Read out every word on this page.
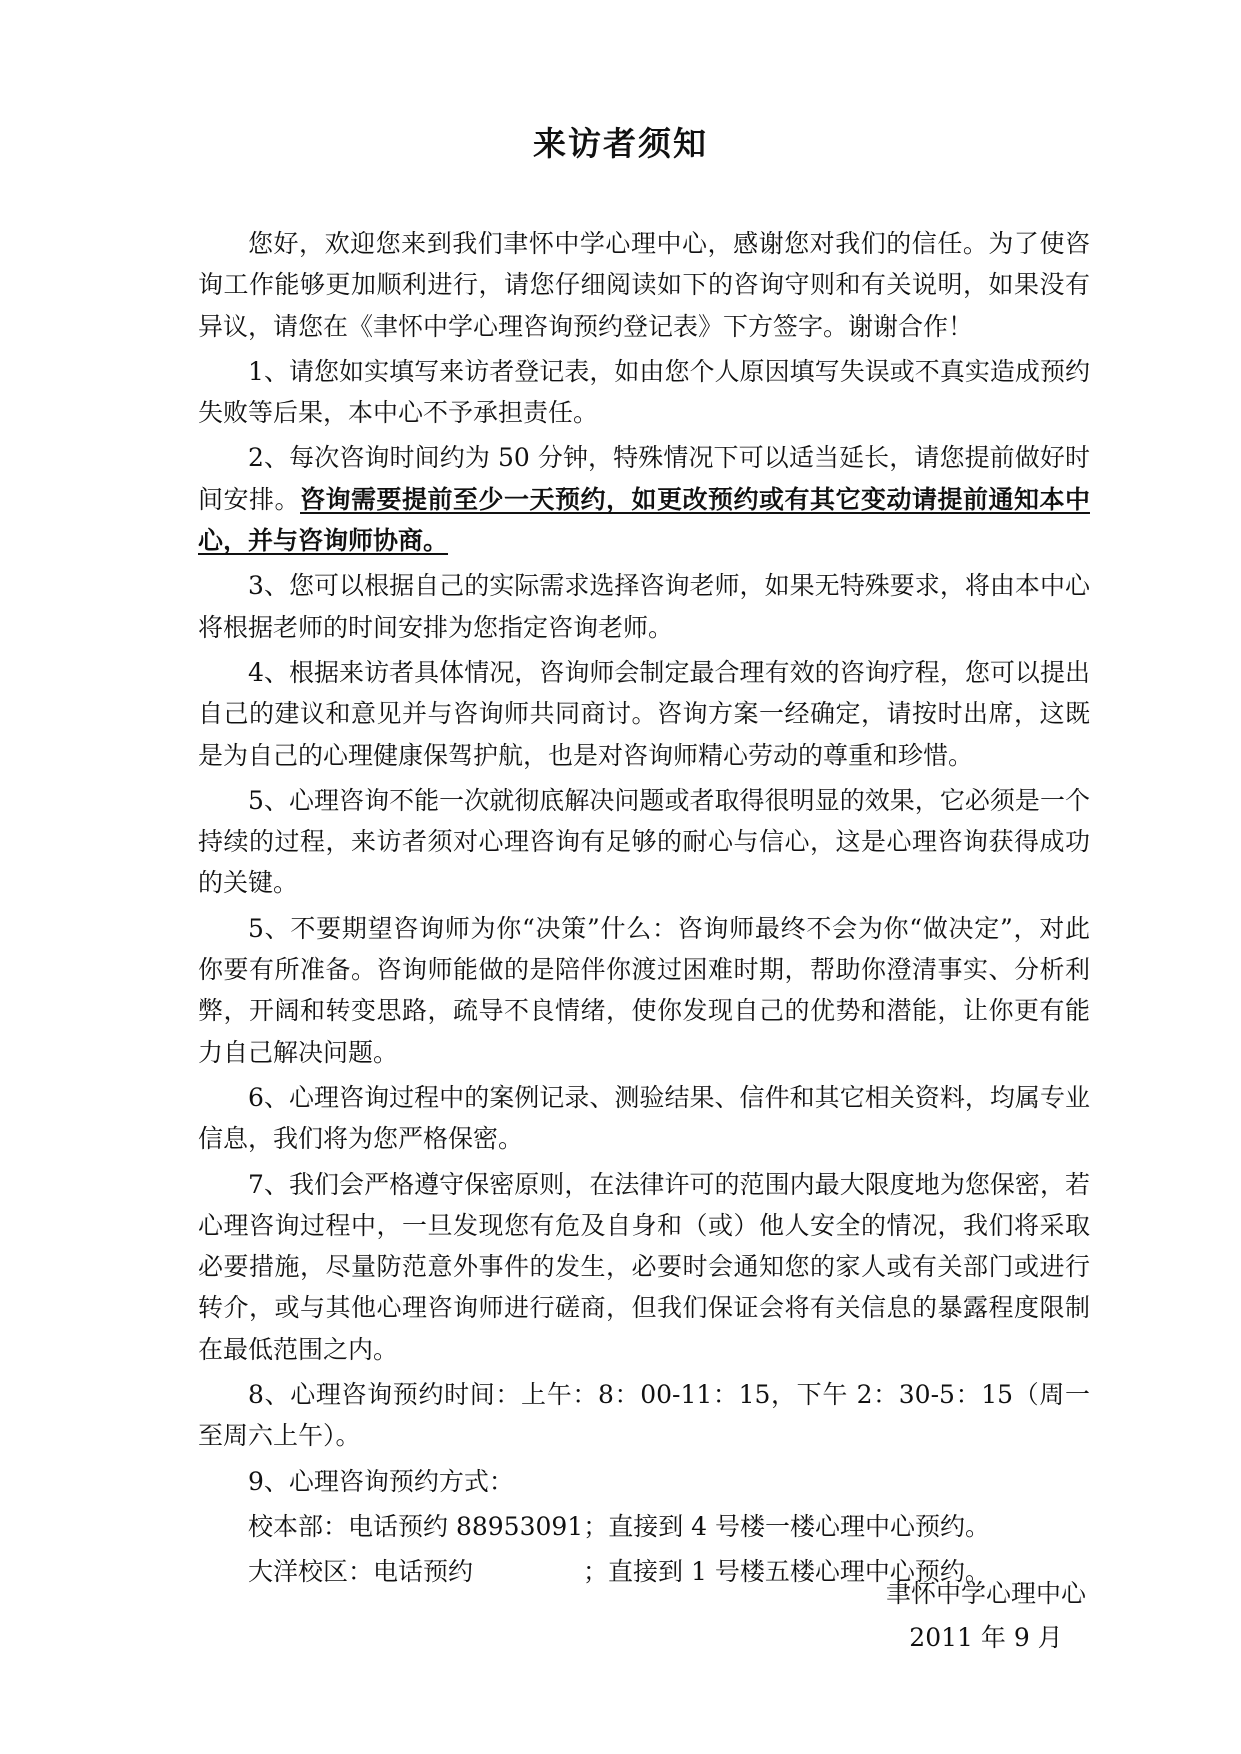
来访者须知

您好，欢迎您来到我们聿怀中学心理中心，感谢您对我们的信任。为了使咨询工作能够更加顺利进行，请您仔细阅读如下的咨询守则和有关说明，如果没有异议，请您在《聿怀中学心理咨询预约登记表》下方签字。谢谢合作！

1、请您如实填写来访者登记表，如由您个人原因填写失误或不真实造成预约失败等后果，本中心不予承担责任。

2、每次咨询时间约为 50 分钟，特殊情况下可以适当延长，请您提前做好时间安排。咨询需要提前至少一天预约，如更改预约或有其它变动请提前通知本中心，并与咨询师协商。

3、您可以根据自己的实际需求选择咨询老师，如果无特殊要求，将由本中心将根据老师的时间安排为您指定咨询老师。

4、根据来访者具体情况，咨询师会制定最合理有效的咨询疗程，您可以提出自己的建议和意见并与咨询师共同商讨。咨询方案一经确定，请按时出席，这既是为自己的心理健康保驾护航，也是对咨询师精心劳动的尊重和珍惜。

5、心理咨询不能一次就彻底解决问题或者取得很明显的效果，它必须是一个持续的过程，来访者须对心理咨询有足够的耐心与信心，这是心理咨询获得成功的关键。

5、不要期望咨询师为你“决策”什么：咨询师最终不会为你“做决定”，对此你要有所准备。咨询师能做的是陪伴你渡过困难时期，帮助你澄清事实、分析利弊，开阔和转变思路，疏导不良情绪，使你发现自己的优势和潜能，让你更有能力自己解决问题。

6、心理咨询过程中的案例记录、测验结果、信件和其它相关资料，均属专业信息，我们将为您严格保密。

7、我们会严格遵守保密原则，在法律许可的范围内最大限度地为您保密，若心理咨询过程中，一旦发现您有危及自身和（或）他人安全的情况，我们将采取必要措施，尽量防范意外事件的发生，必要时会通知您的家人或有关部门或进行转介，或与其他心理咨询师进行磋商，但我们保证会将有关信息的暴露程度限制在最低范围之内。

8、心理咨询预约时间：上午：8：00-11：15，下午 2：30-5：15（周一至周六上午）。

9、心理咨询预约方式：

校本部：电话预约 88953091；直接到 4 号楼一楼心理中心预约。

大洋校区：电话预约	；直接到 1 号楼五楼心理中心预约。

聿怀中学心理中心
2011 年 9 月
